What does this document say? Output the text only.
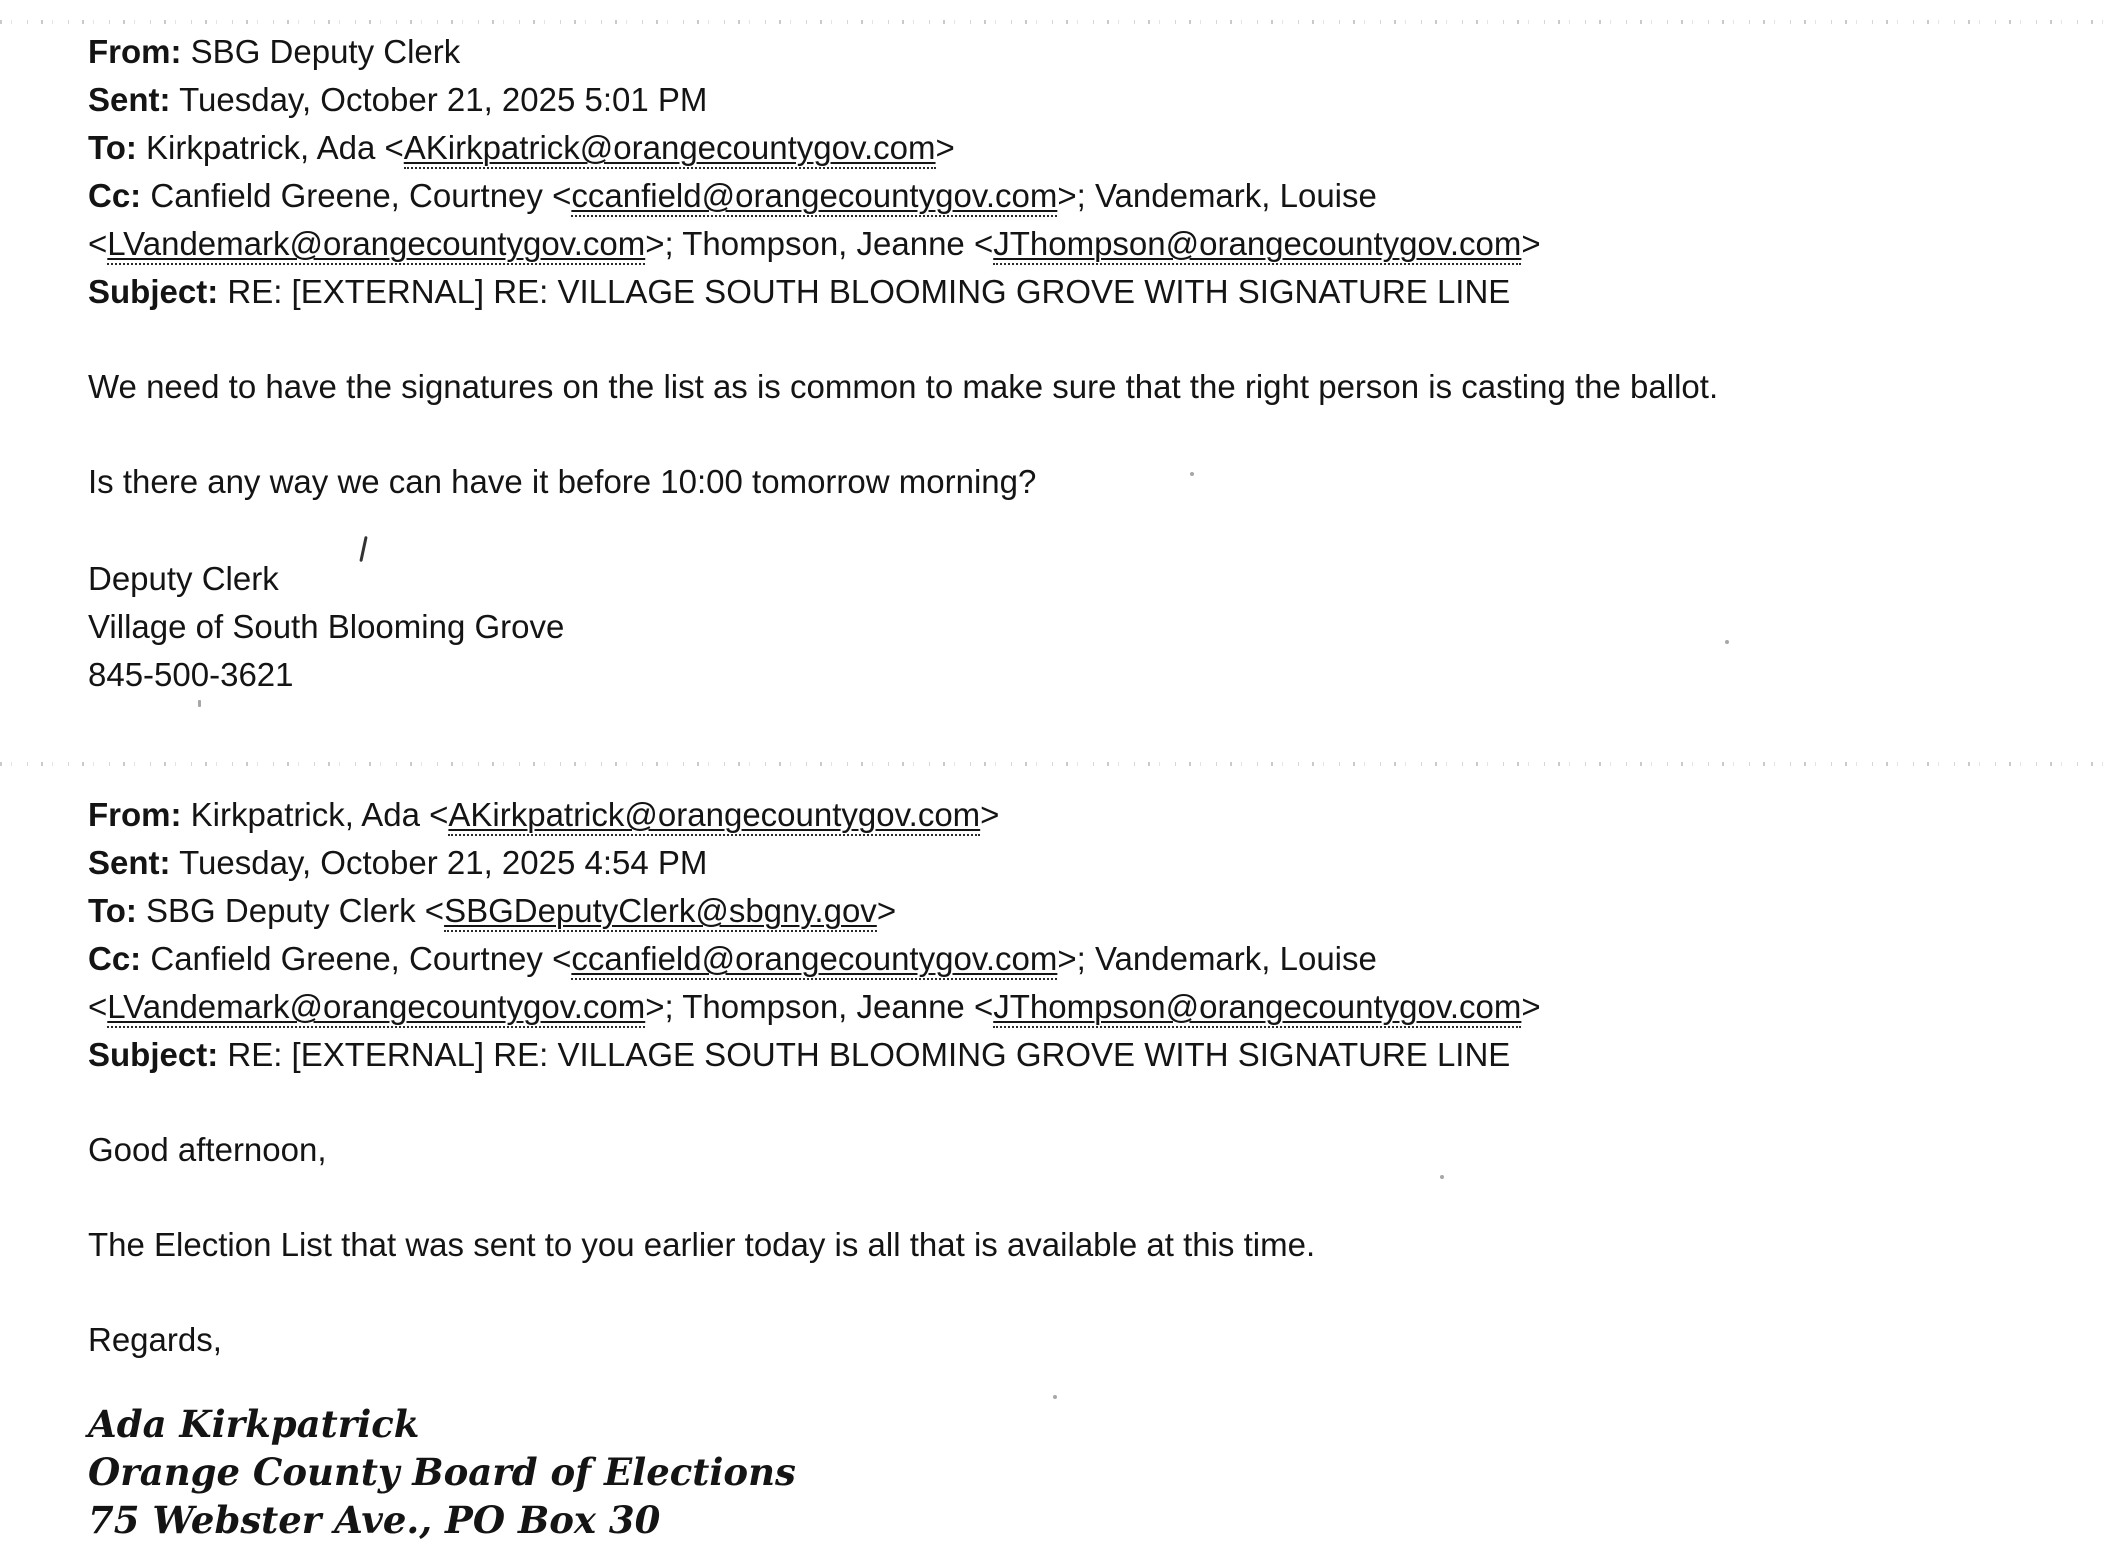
From: SBG Deputy Clerk
Sent: Tuesday, October 21, 2025 5:01 PM
To: Kirkpatrick, Ada <AKirkpatrick@orangecountygov.com>
Cc: Canfield Greene, Courtney <ccanfield@orangecountygov.com>; Vandemark, Louise
<LVandemark@orangecountygov.com>; Thompson, Jeanne <JThompson@orangecountygov.com>
Subject: RE: [EXTERNAL] RE: VILLAGE SOUTH BLOOMING GROVE WITH SIGNATURE LINE

We need to have the signatures on the list as is common to make sure that the right person is casting the ballot.

Is there any way we can have it before 10:00 tomorrow morning?

Deputy Clerk
Village of South Blooming Grove
845-500-3621
From: Kirkpatrick, Ada <AKirkpatrick@orangecountygov.com>
Sent: Tuesday, October 21, 2025 4:54 PM
To: SBG Deputy Clerk <SBGDeputyClerk@sbgny.gov>
Cc: Canfield Greene, Courtney <ccanfield@orangecountygov.com>; Vandemark, Louise
<LVandemark@orangecountygov.com>; Thompson, Jeanne <JThompson@orangecountygov.com>
Subject: RE: [EXTERNAL] RE: VILLAGE SOUTH BLOOMING GROVE WITH SIGNATURE LINE

Good afternoon,

The Election List that was sent to you earlier today is all that is available at this time.

Regards,

Ada Kirkpatrick
Orange County Board of Elections
75 Webster Ave., PO Box 30
